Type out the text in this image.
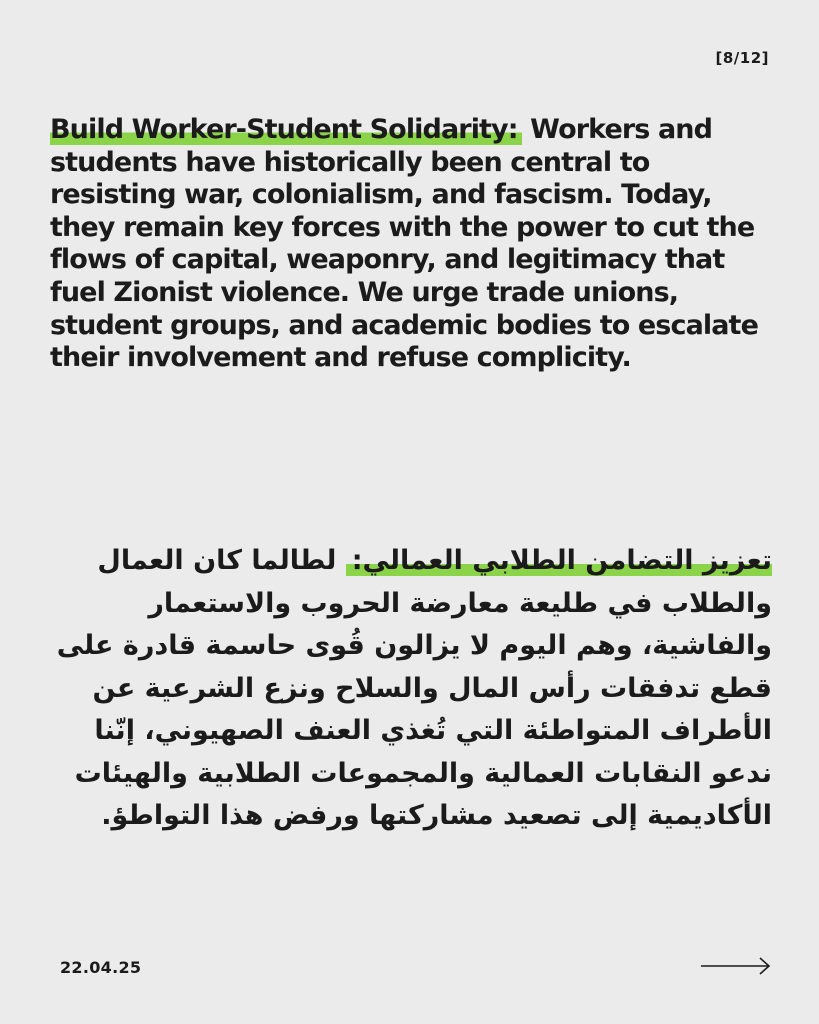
[8/12]

Build Worker-Student Solidarity: Workers and students have historically been central to resisting war, colonialism, and fascism. Today, they remain key forces with the power to cut the flows of capital, weaponry, and legitimacy that fuel Zionist violence. We urge trade unions, student groups, and academic bodies to escalate their involvement and refuse complicity.

تعزيز التضامن الطلابي العمالي: لطالما كان العمال والطلاب في طليعة معارضة الحروب والاستعمار والفاشية، وهم اليوم لا يزالون قُوى حاسمة قادرة على قطع تدفقات رأس المال والسلاح ونزع الشرعية عن الأطراف المتواطئة التي تُغذي العنف الصهيوني، إنّنا ندعو النقابات العمالية والمجموعات الطلابية والهيئات الأكاديمية إلى تصعيد مشاركتها ورفض هذا التواطؤ.

22.04.25
